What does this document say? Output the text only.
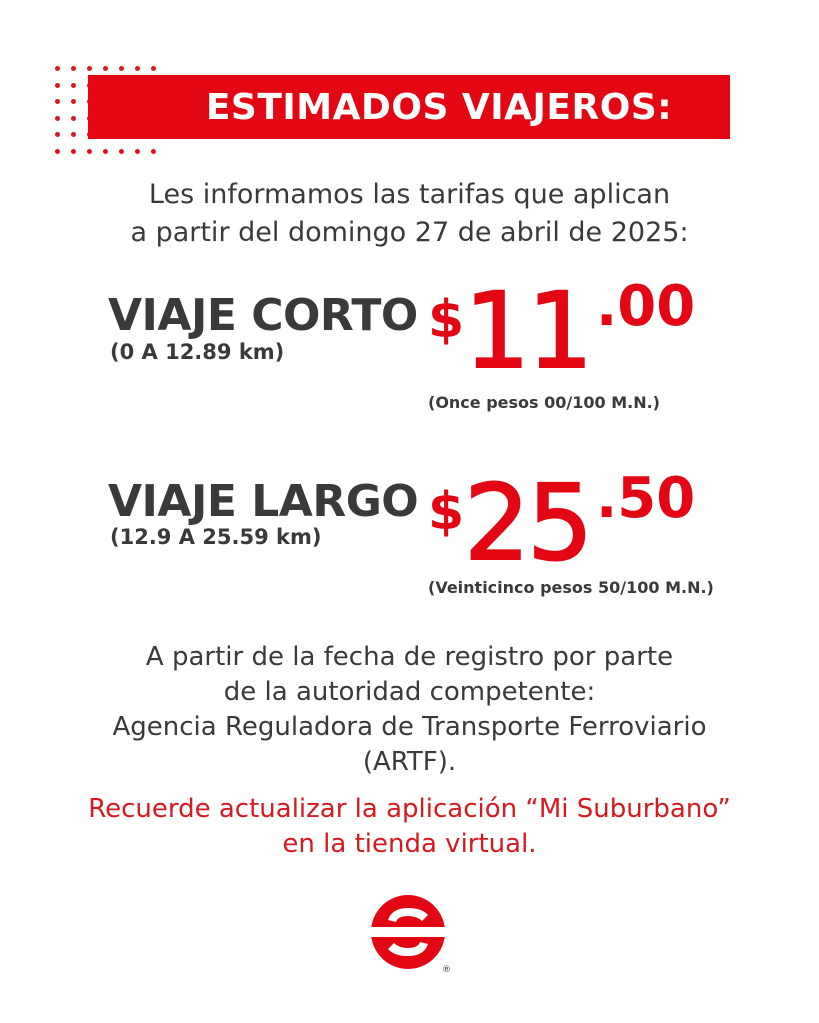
ESTIMADOS VIAJEROS:
Les informamos las tarifas que aplican
a partir del domingo 27 de abril de 2025:
VIAJE CORTO
(0 A 12.89 km)
$ 11 .00
(Once pesos 00/100 M.N.)
VIAJE LARGO
(12.9 A 25.59 km) $ 25 .50
(Veinticinco pesos 50/100 M.N.)
A partir de la fecha de registro por parte
de la autoridad competente:
Agencia Reguladora de Transporte Ferroviario
(ARTF).
Recuerde actualizar la aplicación “Mi Suburbano”
en la tienda virtual.
®
